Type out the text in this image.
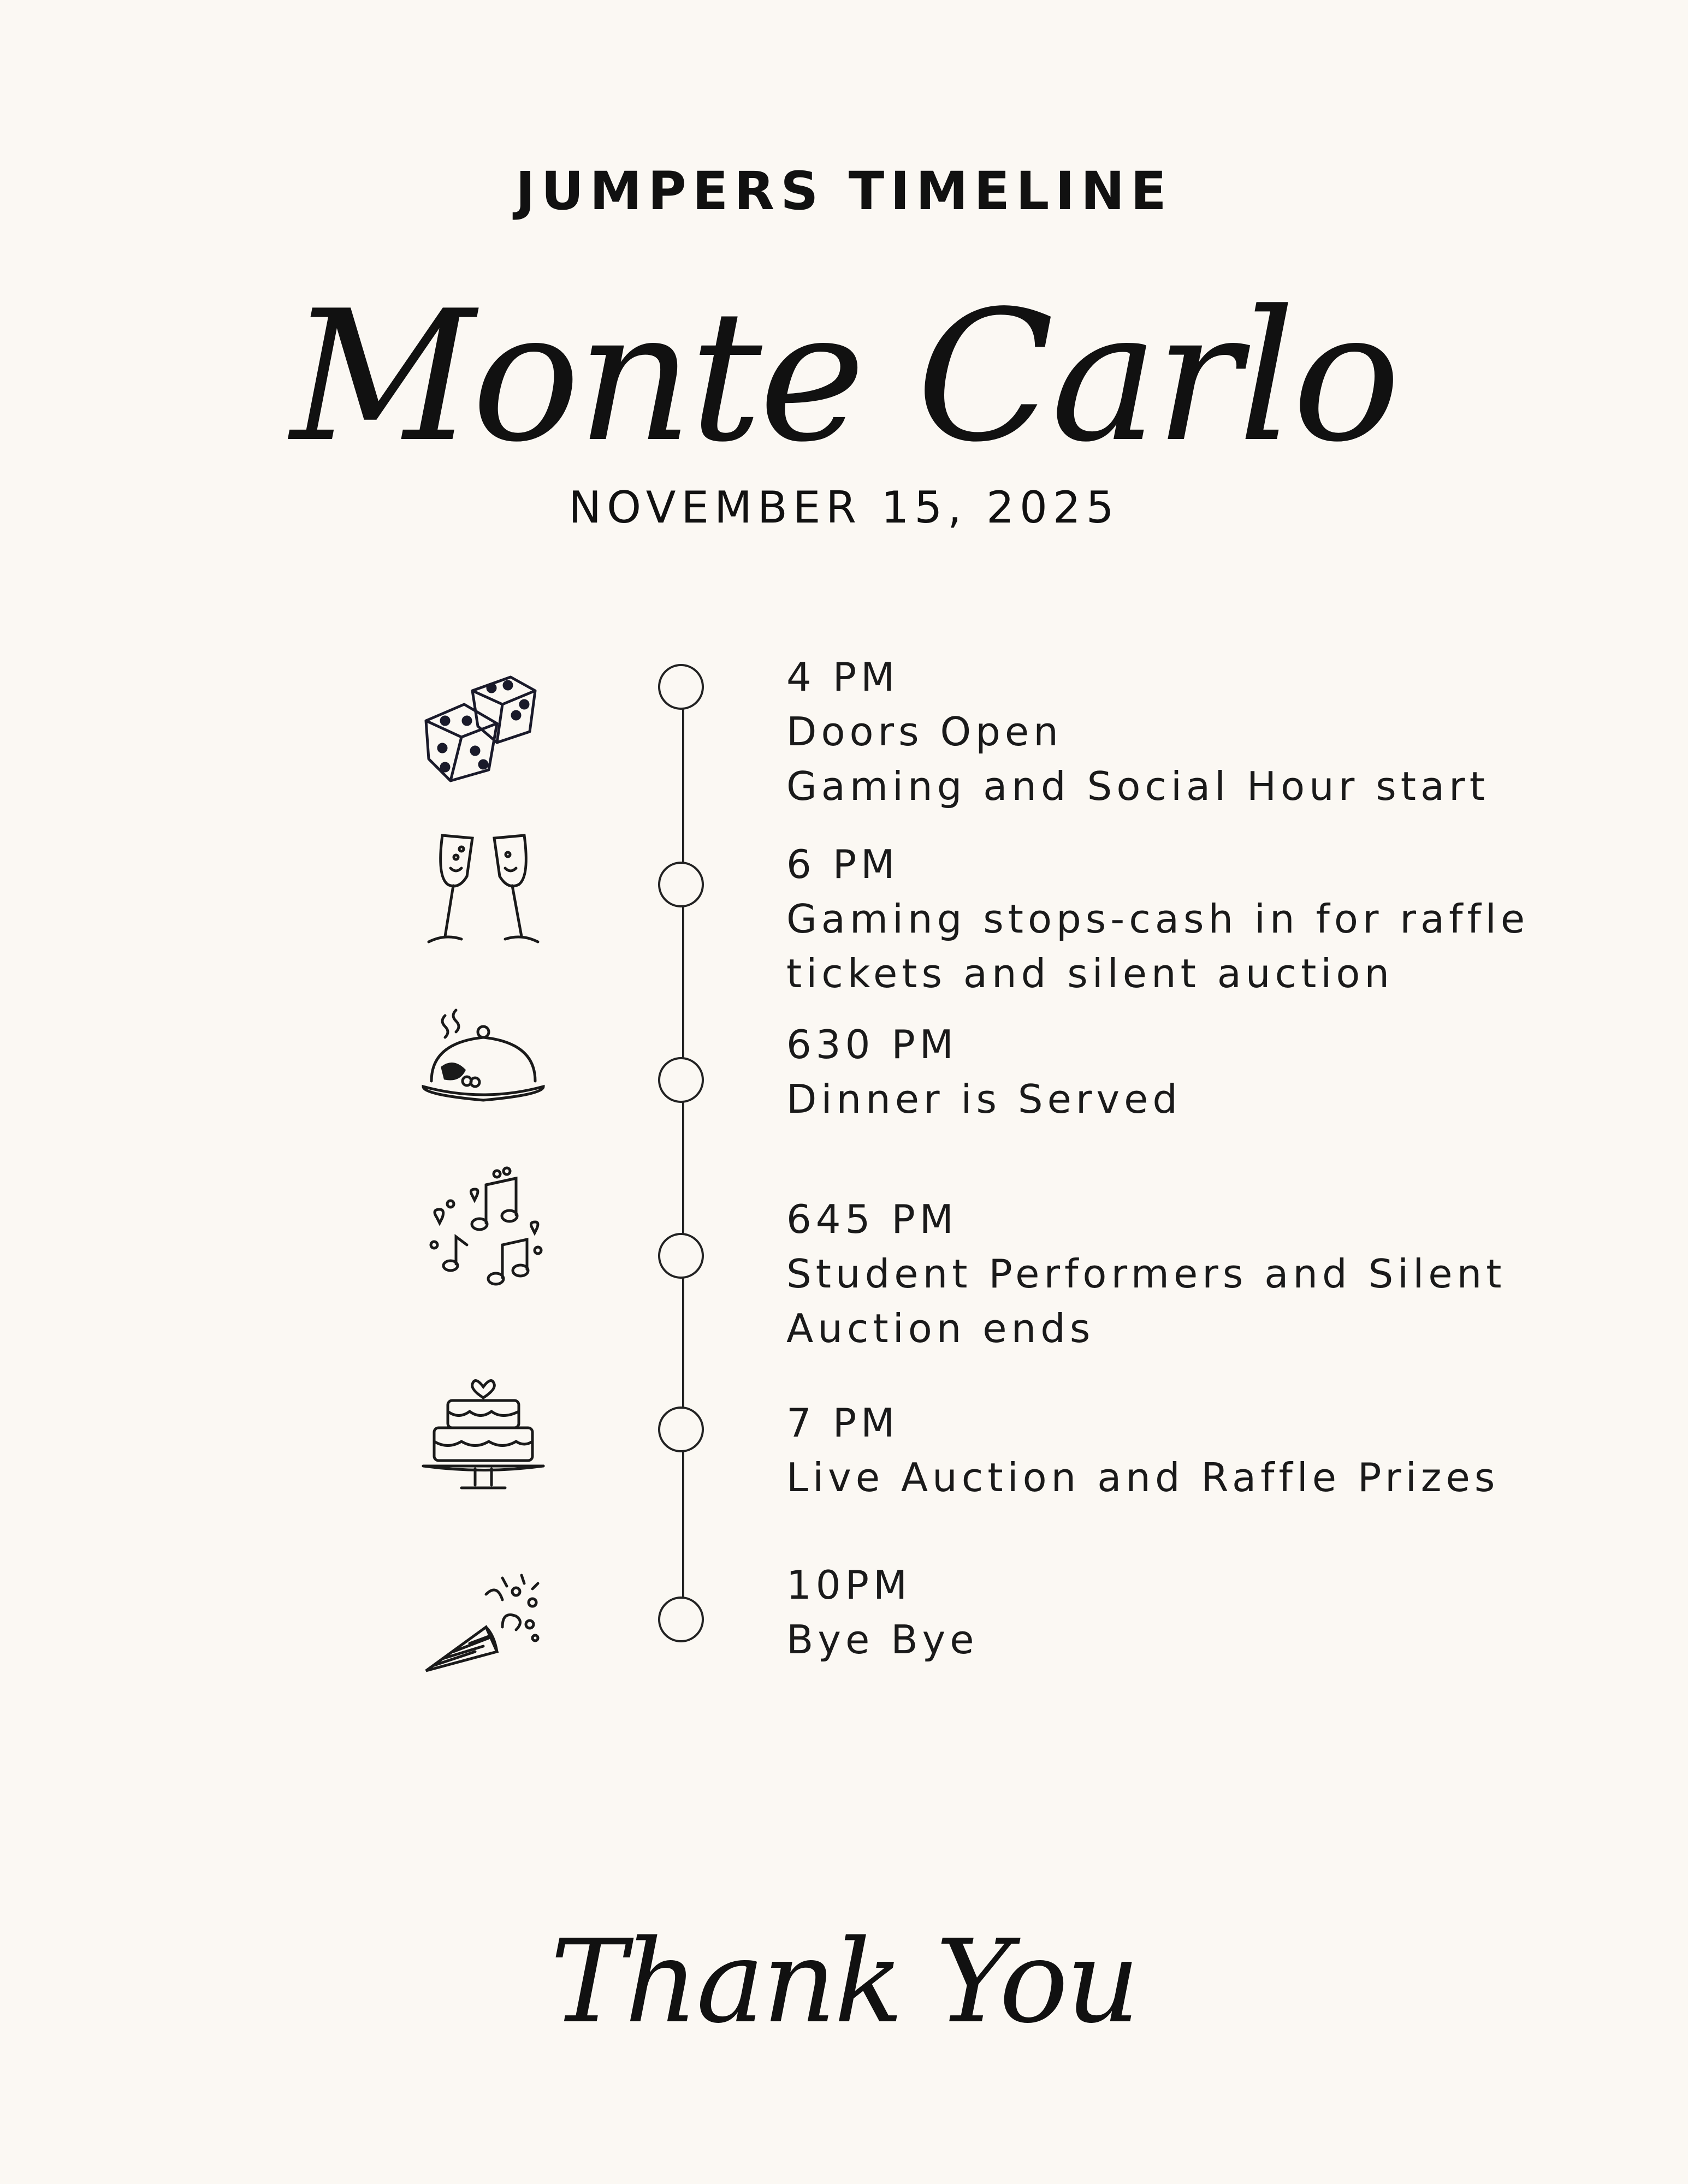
JUMPERS TIMELINE
Monte Carlo
NOVEMBER 15, 2025
4 PM
Doors Open
Gaming and Social Hour start
6 PM
Gaming stops-cash in for raffle
tickets and silent auction
630 PM
Dinner is Served
645 PM
Student Performers and Silent
Auction ends
7 PM
Live Auction and Raffle Prizes
10PM
Bye Bye
Thank You
